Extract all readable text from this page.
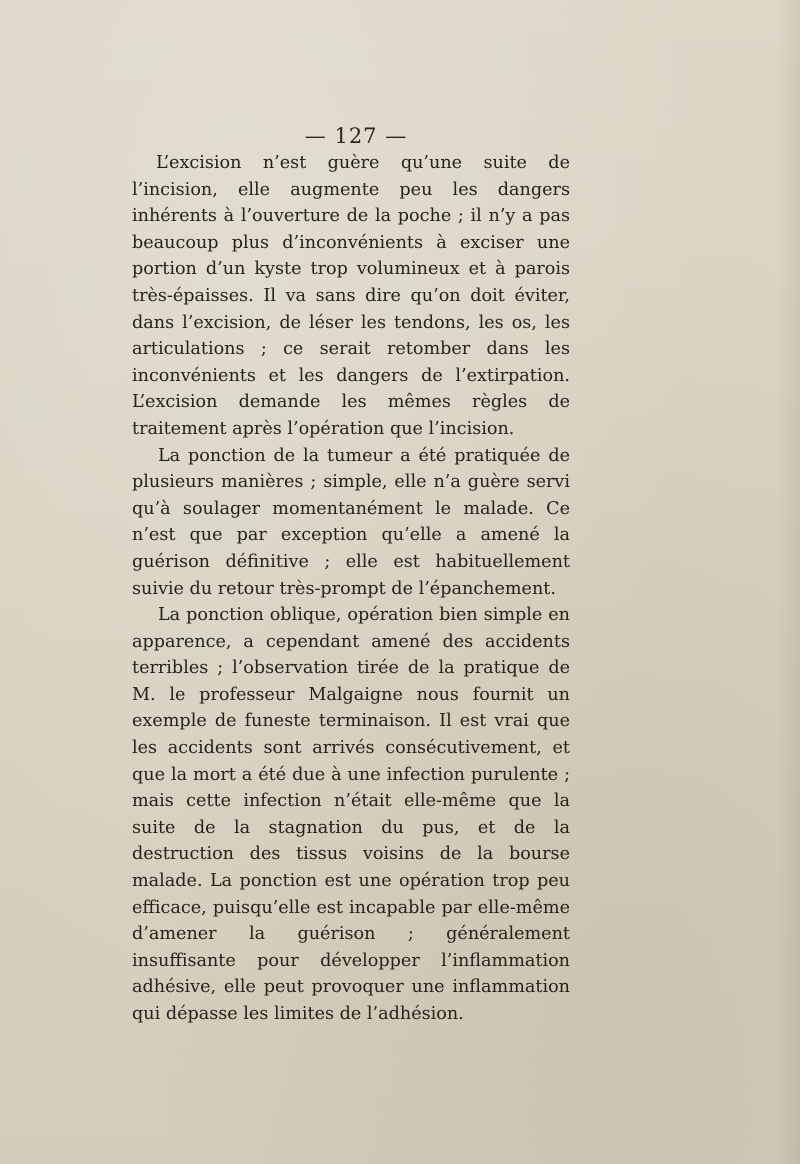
— 127 —

L’excision n’est guère qu’une suite de l’incision, elle augmente peu les dangers inhérents à l’ouverture de la poche ; il n’y a pas beaucoup plus d’inconvénients à exciser une portion d’un kyste trop volumineux et à parois très-épaisses. Il va sans dire qu’on doit éviter, dans l’excision, de léser les tendons, les os, les articulations ; ce serait retomber dans les inconvénients et les dangers de l’extirpation. L’excision demande les mêmes règles de traitement après l’opération que l’incision.

La ponction de la tumeur a été pratiquée de plusieurs manières ; simple, elle n’a guère servi qu’à soulager momentanément le malade. Ce n’est que par exception qu’elle a amené la guérison définitive ; elle est habituellement suivie du retour très-prompt de l’épanchement.

La ponction oblique, opération bien simple en apparence, a cependant amené des accidents terribles ; l’observation tirée de la pratique de M. le professeur Malgaigne nous fournit un exemple de funeste terminaison. Il est vrai que les accidents sont arrivés consécutivement, et que la mort a été due à une infection purulente ; mais cette infection n’était elle-même que la suite de la stagnation du pus, et de la destruction des tissus voisins de la bourse malade. La ponction est une opération trop peu efficace, puisqu’elle est incapable par elle-même d’amener la guérison ; généralement insuffisante pour développer l’inflammation adhésive, elle peut provoquer une inflammation qui dépasse les limites de l’adhésion.
